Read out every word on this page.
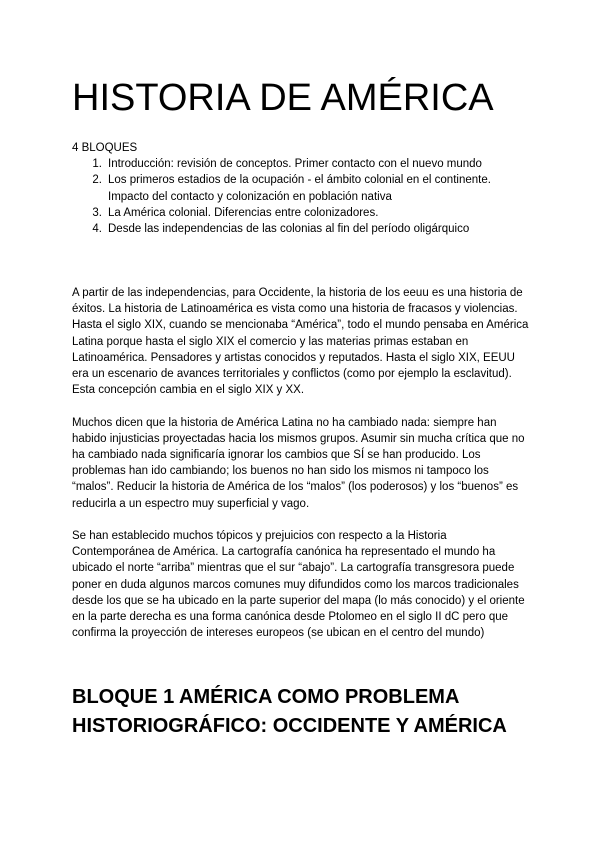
HISTORIA DE AMÉRICA

4 BLOQUES

1. Introducción: revisión de conceptos. Primer contacto con el nuevo mundo
2. Los primeros estadios de la ocupación - el ámbito colonial en el continente. Impacto del contacto y colonización en población nativa
3. La América colonial. Diferencias entre colonizadores.
4. Desde las independencias de las colonias al fin del período oligárquico

A partir de las independencias, para Occidente, la historia de los eeuu es una historia de éxitos. La historia de Latinoamérica es vista como una historia de fracasos y violencias.
Hasta el siglo XIX, cuando se mencionaba “América”, todo el mundo pensaba en América Latina porque hasta el siglo XIX el comercio y las materias primas estaban en Latinoamérica. Pensadores y artistas conocidos y reputados. Hasta el siglo XIX, EEUU era un escenario de avances territoriales y conflictos (como por ejemplo la esclavitud). Esta concepción cambia en el siglo XIX y XX.

Muchos dicen que la historia de América Latina no ha cambiado nada: siempre han habido injusticias proyectadas hacia los mismos grupos. Asumir sin mucha crítica que no ha cambiado nada significaría ignorar los cambios que SÍ se han producido. Los problemas han ido cambiando; los buenos no han sido los mismos ni tampoco los “malos”. Reducir la historia de América de los “malos” (los poderosos) y los “buenos” es reducirla a un espectro muy superficial y vago.

Se han establecido muchos tópicos y prejuicios con respecto a la Historia Contemporánea de América. La cartografía canónica ha representado el mundo ha ubicado el norte “arriba” mientras que el sur “abajo”. La cartografía transgresora puede poner en duda algunos marcos comunes muy difundidos como los marcos tradicionales desde los que se ha ubicado en la parte superior del mapa (lo más conocido) y el oriente en la parte derecha es una forma canónica desde Ptolomeo en el siglo II dC pero que confirma la proyección de intereses europeos (se ubican en el centro del mundo)

BLOQUE 1 AMÉRICA COMO PROBLEMA HISTORIOGRÁFICO: OCCIDENTE Y AMÉRICA
